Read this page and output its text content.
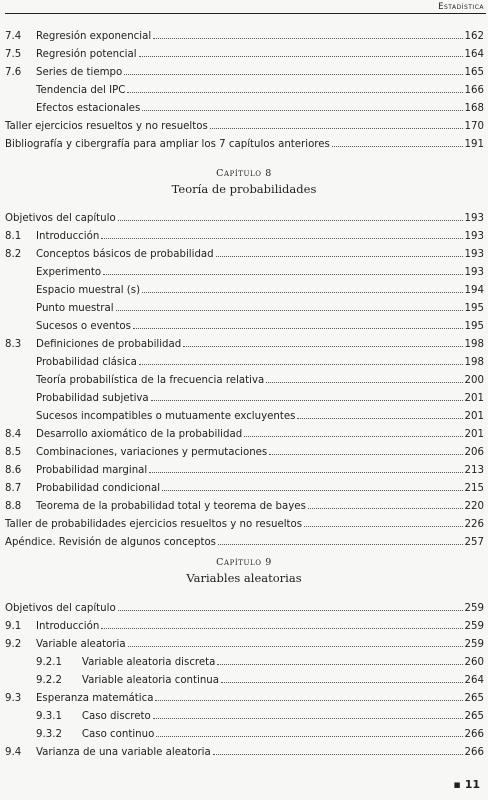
Estadística
Capítulo 8
Teoría de probabilidades
Capítulo 9
Variables aleatorias
7.4 Regresión exponencial	162
7.5 Regresión potencial	164
7.6 Series de tiempo	165
Tendencia del IPC	166
Efectos estacionales	168
Taller ejercicios resueltos y no resueltos	170
Bibliografía y cibergrafía para ampliar los 7 capítulos anteriores	191
Objetivos del capítulo	193
8.1 Introducción	193
8.2 Conceptos básicos de probabilidad	193
Experimento	193
Espacio muestral (s)	194
Punto muestral	195
Sucesos o eventos	195
8.3 Definiciones de probabilidad	198
Probabilidad clásica	198
Teoría probabilística de la frecuencia relativa	200
Probabilidad subjetiva	201
Sucesos incompatibles o mutuamente excluyentes	201
8.4 Desarrollo axiomático de la probabilidad	201
8.5 Combinaciones, variaciones y permutaciones	206
8.6 Probabilidad marginal	213
8.7 Probabilidad condicional	215
8.8 Teorema de la probabilidad total y teorema de bayes	220
Taller de probabilidades ejercicios resueltos y no resueltos	226
Apéndice. Revisión de algunos conceptos	257
Objetivos del capítulo	259
9.1 Introducción	259
9.2 Variable aleatoria	259
9.2.1 Variable aleatoria discreta	260
9.2.2 Variable aleatoria continua	264
9.3 Esperanza matemática	265
9.3.1 Caso discreto	265
9.3.2 Caso continuo	266
9.4 Varianza de una variable aleatoria	266
▪ 11
